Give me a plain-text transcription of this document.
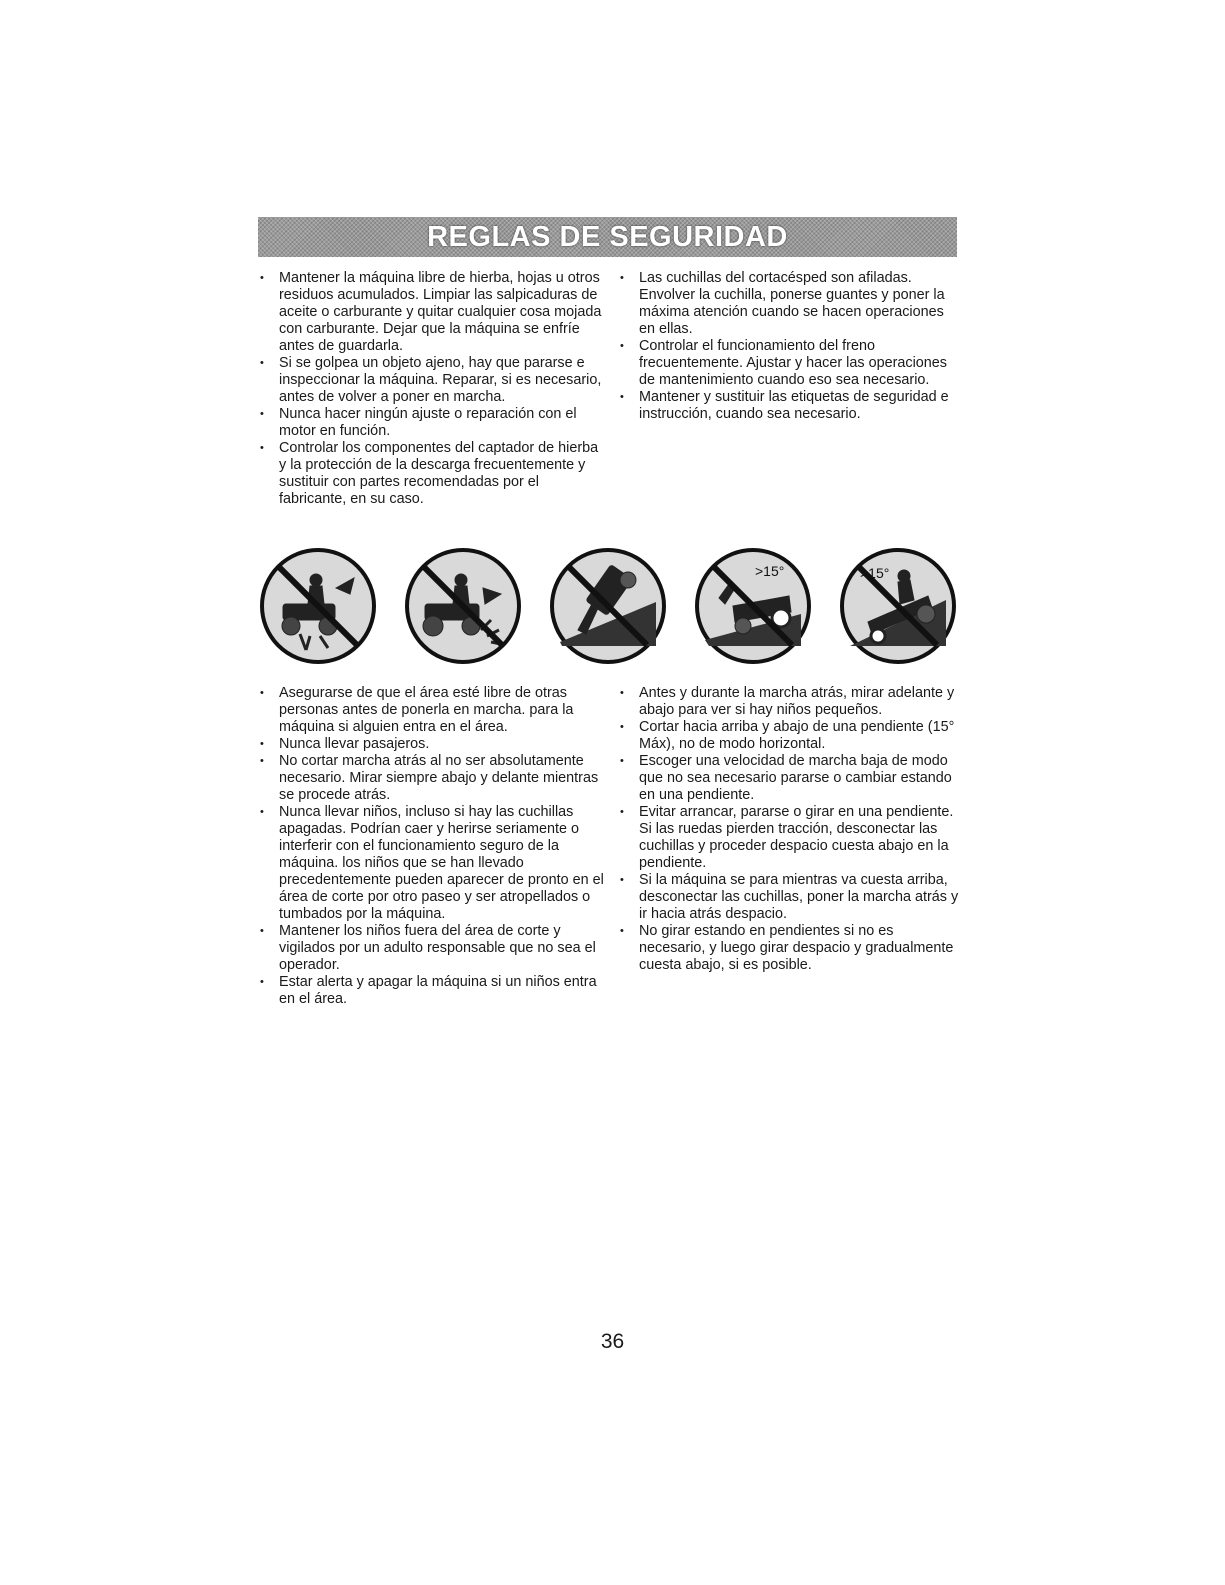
REGLAS DE SEGURIDAD
• Mantener la máquina libre de hierba, hojas u otros residuos acumulados. Limpiar las salpicaduras de aceite o carburante y quitar cualquier cosa mojada con carburante. Dejar que la máquina se enfríe antes de guardarla.
• Si se golpea un objeto ajeno, hay que pararse e inspeccionar la máquina. Reparar, si es necesario, antes de volver a poner en marcha.
• Nunca hacer ningún ajuste o reparación con el motor en función.
• Controlar los componentes del captador de hierba y la protección de la descarga frecuentemente y sustituir con partes recomendadas por el fabricante, en su caso.
• Las cuchillas del cortacésped son afiladas. Envolver la cuchilla, ponerse guantes y poner la máxima atención cuando se hacen operaciones en ellas.
• Controlar el funcionamiento del freno frecuentemente. Ajustar y hacer las operaciones de mantenimiento cuando eso sea necesario.
• Mantener y sustituir las etiquetas de seguridad e instrucción, cuando sea necesario.
>15°	>15°
• Asegurarse de que el área esté libre de otras personas antes de ponerla en marcha. para la máquina si alguien entra en el área.
• Nunca llevar pasajeros.
• No cortar marcha atrás al no ser absolutamente necesario. Mirar siempre abajo y delante mientras se procede atrás.
• Nunca llevar niños, incluso si hay las cuchillas apagadas. Podrían caer y herirse seriamente o interferir con el funcionamiento seguro de la máquina. los niños que se han llevado precedentemente pueden aparecer de pronto en el área de corte por otro paseo y ser atropellados o tumbados por la máquina.
• Mantener los niños fuera del área de corte y vigilados por un adulto responsable que no sea el operador.
• Estar alerta y apagar la máquina si un niños entra en el área.
• Antes y durante la marcha atrás, mirar adelante y abajo para ver si hay niños pequeños.
• Cortar hacia arriba y abajo de una pendiente (15° Máx), no de modo horizontal.
• Escoger una velocidad de marcha baja de modo que no sea necesario pararse o cambiar estando en una pendiente.
• Evitar arrancar, pararse o girar en una pendiente. Si las ruedas pierden tracción, desconectar las cuchillas y proceder despacio cuesta abajo en la pendiente.
• Si la máquina se para mientras va cuesta arriba, desconectar las cuchillas, poner la marcha atrás y ir hacia atrás despacio.
• No girar estando en pendientes si no es necesario, y luego girar despacio y gradualmente cuesta abajo, si es posible.
36
